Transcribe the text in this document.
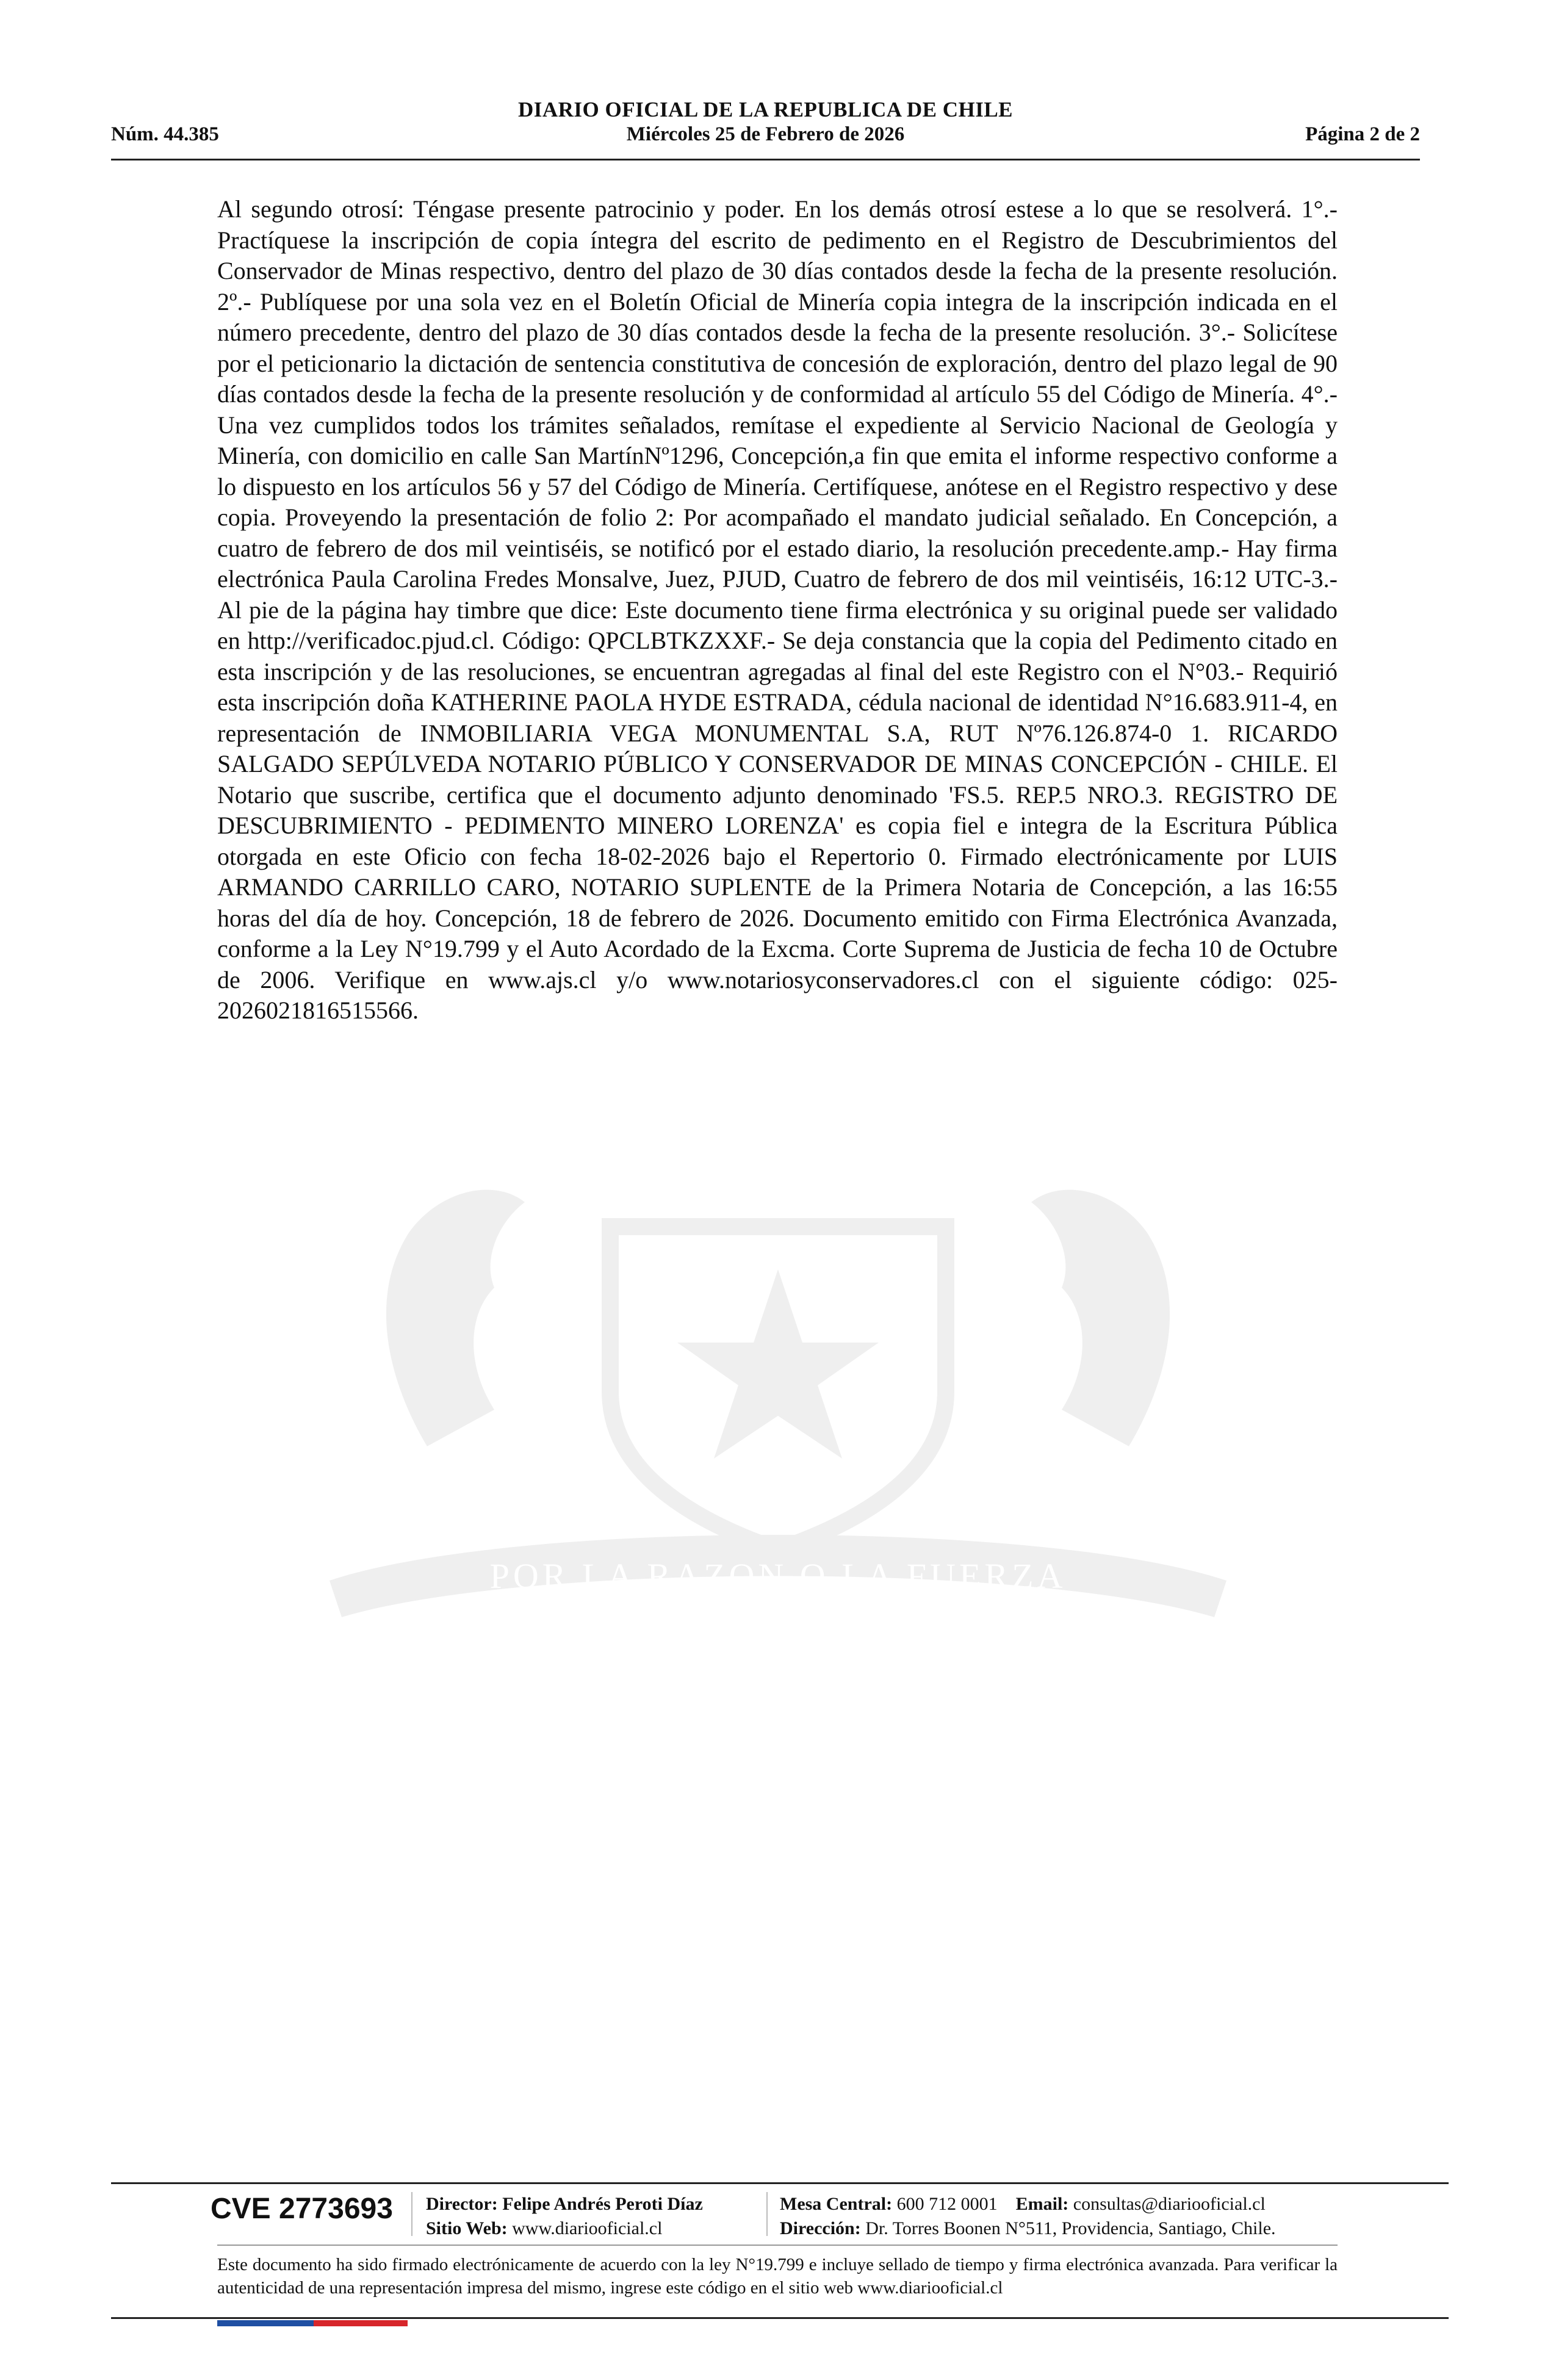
DIARIO OFICIAL DE LA REPUBLICA DE CHILE
Núm. 44.385	Miércoles 25 de Febrero de 2026	Página 2 de 2
POR LA RAZON O LA FUERZA

Al segundo otrosí: Téngase presente patrocinio y poder. En los demás otrosí estese a lo que se resolverá. 1°.- Practíquese la inscripción de copia íntegra del escrito de pedimento en el Registro de Descubrimientos del Conservador de Minas respectivo, dentro del plazo de 30 días contados desde la fecha de la presente resolución. 2º.- Publíquese por una sola vez en el Boletín Oficial de Minería copia integra de la inscripción indicada en el número precedente, dentro del plazo de 30 días contados desde la fecha de la presente resolución. 3°.- Solicítese por el peticionario la dictación de sentencia constitutiva de concesión de exploración, dentro del plazo legal de 90 días contados desde la fecha de la presente resolución y de conformidad al artículo 55 del Código de Minería. 4°.-Una vez cumplidos todos los trámites señalados, remítase el expediente al Servicio Nacional de Geología y Minería, con domicilio en calle San MartínNº1296, Concepción,a fin que emita el informe respectivo conforme a lo dispuesto en los artículos 56 y 57 del Código de Minería. Certifíquese, anótese en el Registro respectivo y dese copia. Proveyendo la presentación de folio 2: Por acompañado el mandato judicial señalado. En Concepción, a cuatro de febrero de dos mil veintiséis, se notificó por el estado diario, la resolución precedente.amp.- Hay firma electrónica Paula Carolina Fredes Monsalve, Juez, PJUD, Cuatro de febrero de dos mil veintiséis, 16:12 UTC-3.- Al pie de la página hay timbre que dice: Este documento tiene firma electrónica y su original puede ser validado en http://verificadoc.pjud.cl. Código: QPCLBTKZXXF.- Se deja constancia que la copia del Pedimento citado en esta inscripción y de las resoluciones, se encuentran agregadas al final del este Registro con el N°03.- Requirió esta inscripción doña KATHERINE PAOLA HYDE ESTRADA, cédula nacional de identidad N°16.683.911-4, en representación de INMOBILIARIA VEGA MONUMENTAL S.A, RUT Nº76.126.874-0 1. RICARDO SALGADO SEPÚLVEDA NOTARIO PÚBLICO Y CONSERVADOR DE MINAS CONCEPCIÓN - CHILE. El Notario que suscribe, certifica que el documento adjunto denominado 'FS.5. REP.5 NRO.3. REGISTRO DE DESCUBRIMIENTO - PEDIMENTO MINERO LORENZA' es copia fiel e integra de la Escritura Pública otorgada en este Oficio con fecha 18-02-2026 bajo el Repertorio 0. Firmado electrónicamente por LUIS ARMANDO CARRILLO CARO, NOTARIO SUPLENTE de la Primera Notaria de Concepción, a las 16:55 horas del día de hoy. Concepción, 18 de febrero de 2026. Documento emitido con Firma Electrónica Avanzada, conforme a la Ley N°19.799 y el Auto Acordado de la Excma. Corte Suprema de Justicia de fecha 10 de Octubre de 2006. Verifique en www.ajs.cl y/o www.notariosyconservadores.cl con el siguiente código: 025-2026021816515566.

CVE 2773693 Director: Felipe Andrés Peroti Díaz
Sitio Web: www.diariooficial.cl
Mesa Central: 600 712 0001 Email: consultas@diariooficial.cl
Dirección: Dr. Torres Boonen N°511, Providencia, Santiago, Chile.

Este documento ha sido firmado electrónicamente de acuerdo con la ley N°19.799 e incluye sellado de tiempo y firma electrónica avanzada. Para verificar la autenticidad de una representación impresa del mismo, ingrese este código en el sitio web www.diariooficial.cl
